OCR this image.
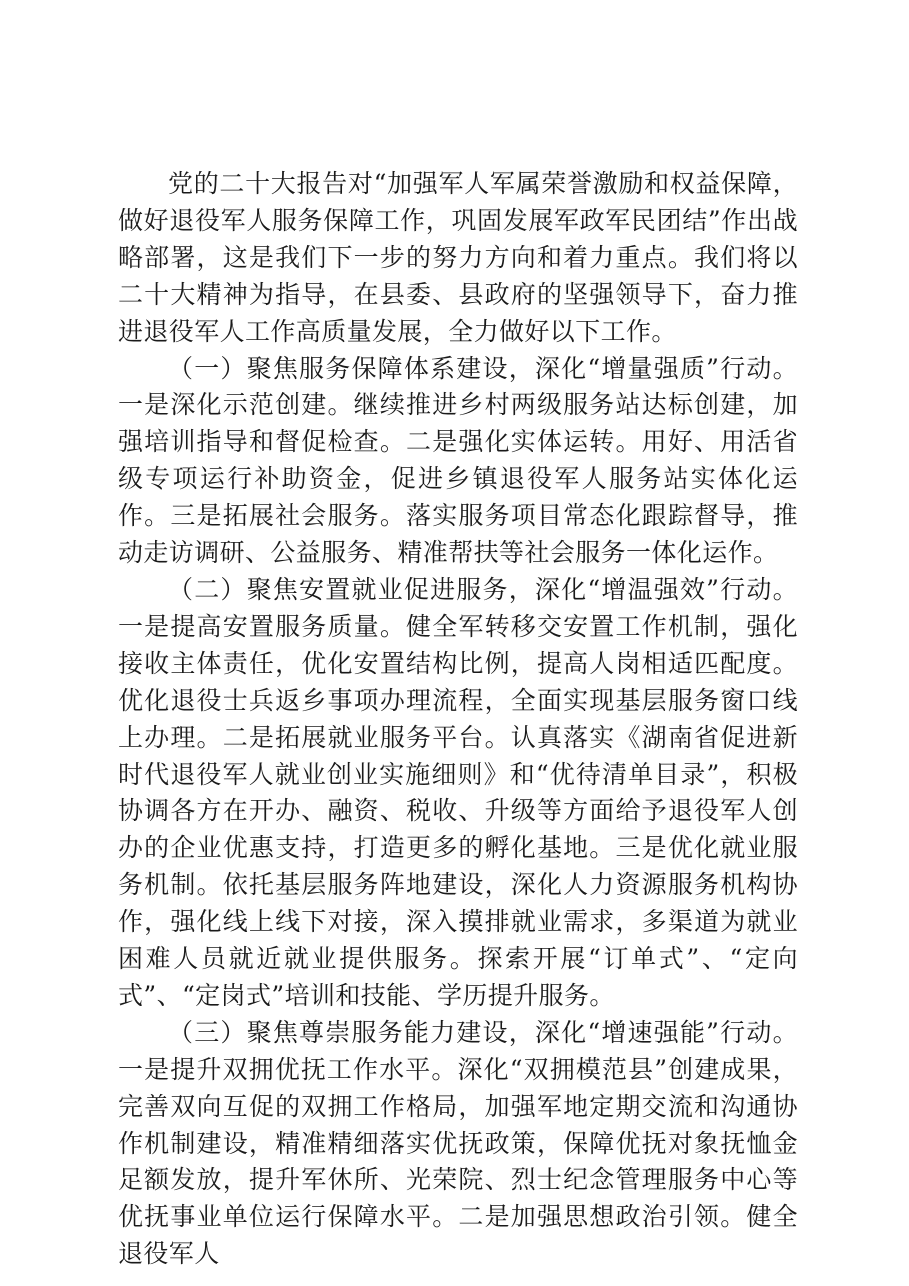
党的二十大报告对“加强军人军属荣誉激励和权益保障，做好退役军人服务保障工作，巩固发展军政军民团结”作出战略部署，这是我们下一步的努力方向和着力重点。我们将以二十大精神为指导，在县委、县政府的坚强领导下，奋力推进退役军人工作高质量发展，全力做好以下工作。

（一）聚焦服务保障体系建设，深化“增量强质”行动。一是深化示范创建。继续推进乡村两级服务站达标创建，加强培训指导和督促检查。二是强化实体运转。用好、用活省级专项运行补助资金，促进乡镇退役军人服务站实体化运作。三是拓展社会服务。落实服务项目常态化跟踪督导，推动走访调研、公益服务、精准帮扶等社会服务一体化运作。

（二）聚焦安置就业促进服务，深化“增温强效”行动。一是提高安置服务质量。健全军转移交安置工作机制，强化接收主体责任，优化安置结构比例，提高人岗相适匹配度。优化退役士兵返乡事项办理流程，全面实现基层服务窗口线上办理。二是拓展就业服务平台。认真落实《湖南省促进新时代退役军人就业创业实施细则》和“优待清单目录”，积极协调各方在开办、融资、税收、升级等方面给予退役军人创办的企业优惠支持，打造更多的孵化基地。三是优化就业服务机制。依托基层服务阵地建设，深化人力资源服务机构协作，强化线上线下对接，深入摸排就业需求，多渠道为就业困难人员就近就业提供服务。探索开展“订单式”、“定向式”、“定岗式”培训和技能、学历提升服务。

（三）聚焦尊崇服务能力建设，深化“增速强能”行动。一是提升双拥优抚工作水平。深化“双拥模范县”创建成果，完善双向互促的双拥工作格局，加强军地定期交流和沟通协作机制建设，精准精细落实优抚政策，保障优抚对象抚恤金足额发放，提升军休所、光荣院、烈士纪念管理服务中心等优抚事业单位运行保障水平。二是加强思想政治引领。健全退役军人
